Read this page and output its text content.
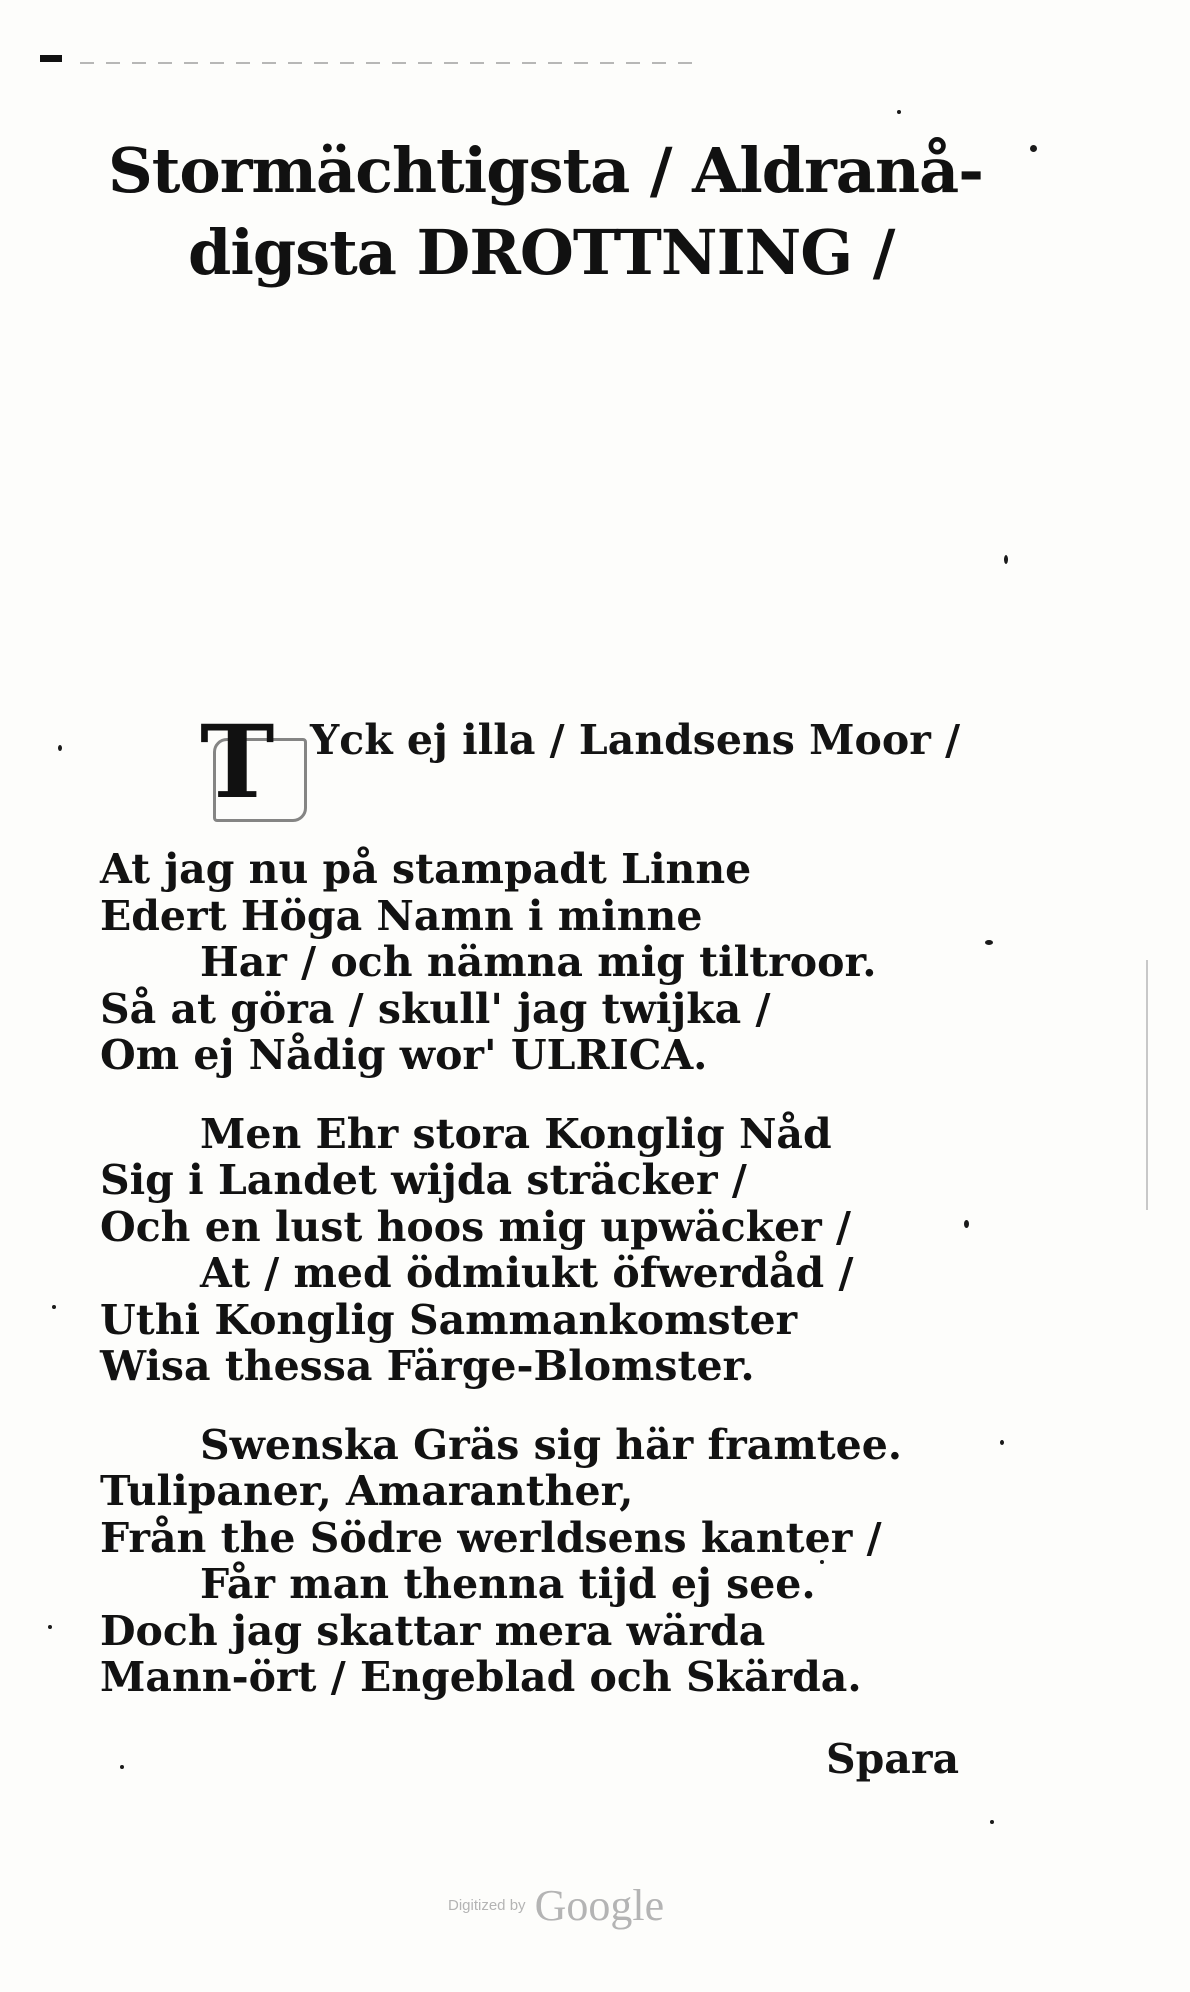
Stormächtigsta / Aldranå-

digsta DROTTNING /
T Yck ej illa / Landsens Moor /
At jag nu på stampadt Linne
Edert Höga Namn i minne
Har / och nämna mig tiltroor.
Så at göra / skull' jag twijka /
Om ej Nådig wor' ULRICA.
Men Ehr stora Konglig Nåd
Sig i Landet wijda sträcker /
Och en lust hoos mig upwäcker /
At / med ödmiukt öfwerdåd /
Uthi Konglig Sammankomster
Wisa thessa Färge-Blomster.
Swenska Gräs sig här framtee.
Tulipaner, Amaranther,
Från the Södre werldsens kanter /
Får man thenna tijd ej see.
Doch jag skattar mera wärda
Mann-ört / Engeblad och Skärda.
Spara
Digitized by Google
